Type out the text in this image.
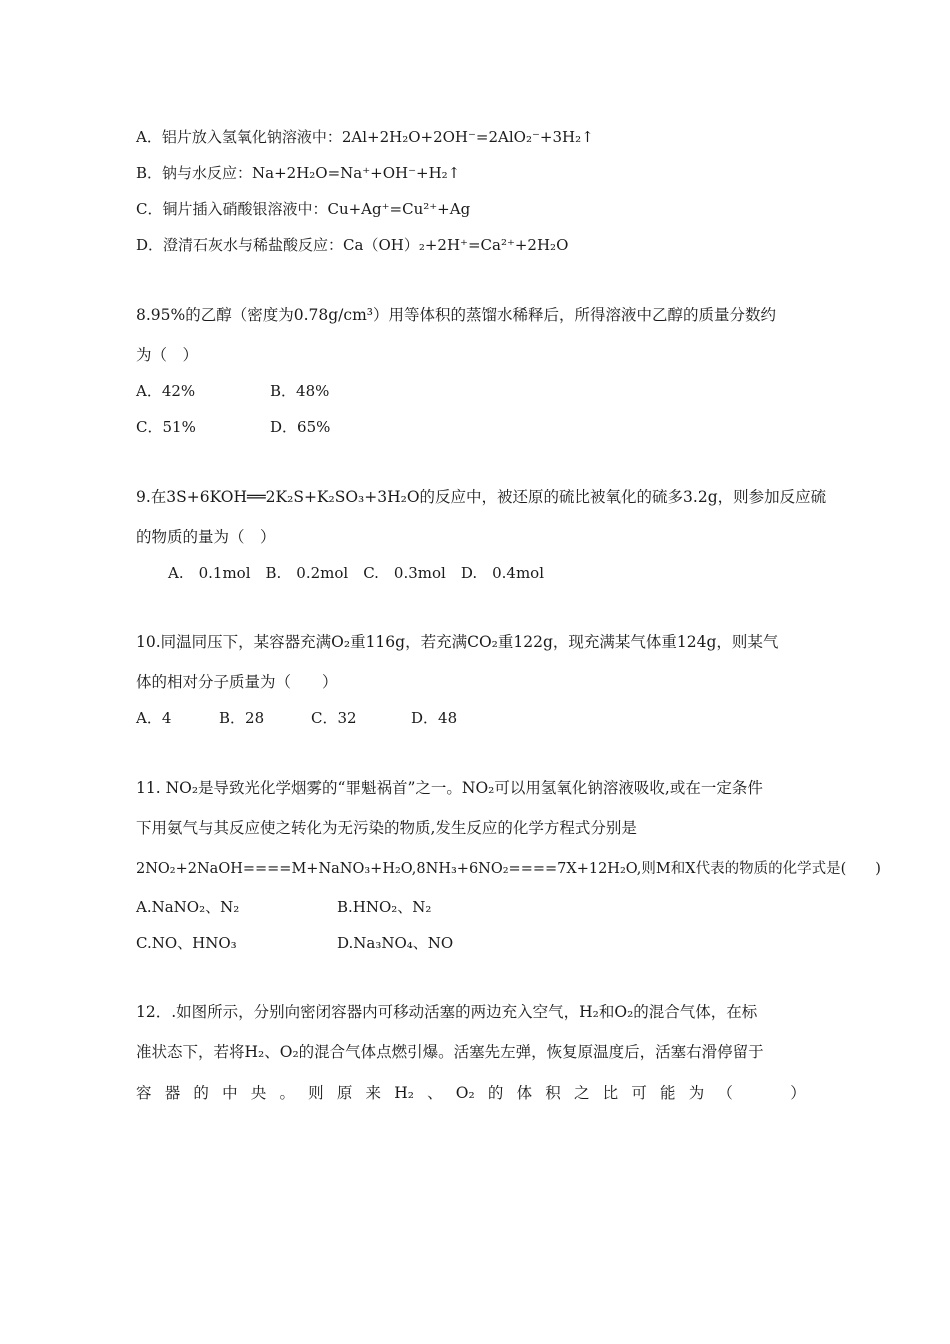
A．铝片放入氢氧化钠溶液中：2Al+2H₂O+2OH⁻=2AlO₂⁻+3H₂↑
B．钠与水反应：Na+2H₂O=Na⁺+OH⁻+H₂↑
C．铜片插入硝酸银溶液中：Cu+Ag⁺=Cu²⁺+Ag
D．澄清石灰水与稀盐酸反应：Ca（OH）₂+2H⁺=Ca²⁺+2H₂O
8.95%的乙醇（密度为0.78g/cm³）用等体积的蒸馏水稀释后，所得溶液中乙醇的质量分数约
为（　）
A．42%	B．48%
C．51%	D．65%
9.在3S+6KOH══2K₂S+K₂SO₃+3H₂O的反应中，被还原的硫比被氧化的硫多3.2g，则参加反应硫
的物质的量为（　）
A.　0.1mol　B.　0.2mol　C.　0.3mol　D.　0.4mol
10.同温同压下，某容器充满O₂重116g，若充满CO₂重122g，现充满某气体重124g，则某气
体的相对分子质量为（　　）
A．4	B．28	C．32	D．48
11. NO₂是导致光化学烟雾的“罪魁祸首”之一。NO₂可以用氢氧化钠溶液吸收,或在一定条件
下用氨气与其反应使之转化为无污染的物质,发生反应的化学方程式分别是
2NO₂+2NaOH====M+NaNO₃+H₂O,8NH₃+6NO₂====7X+12H₂O,则M和X代表的物质的化学式是(　　)
A.NaNO₂、N₂	B.HNO₂、N₂
C.NO、HNO₃	D.Na₃NO₄、NO
12．.如图所示，分别向密闭容器内可移动活塞的两边充入空气，H₂和O₂的混合气体，在标
准状态下，若将H₂、O₂的混合气体点燃引爆。活塞先左弹，恢复原温度后，活塞右滑停留于
容 器 的 中 央 。 则 原 来 H₂ 、 O₂ 的 体 积 之 比 可 能 为 （
　　	）
